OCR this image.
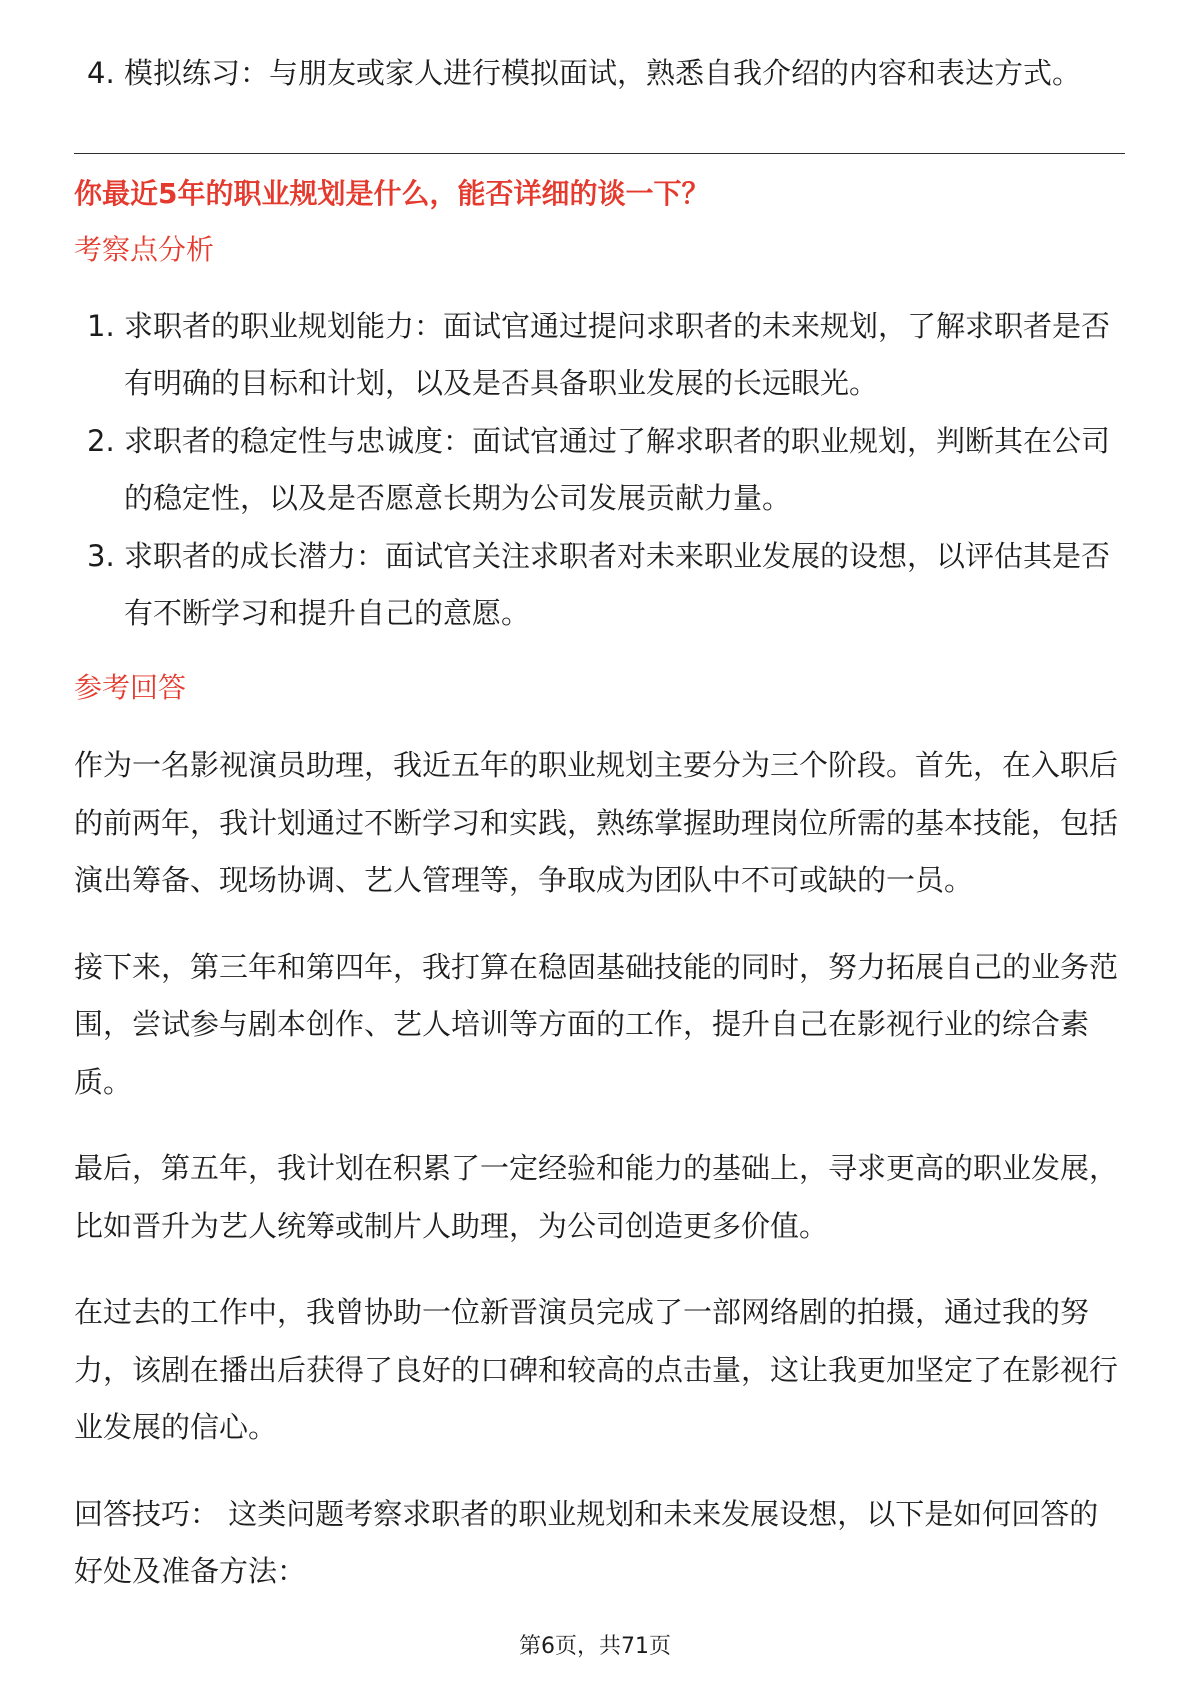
4. 模拟练习：与朋友或家人进行模拟面试，熟悉自我介绍的内容和表达方式。
你最近5年的职业规划是什么，能否详细的谈一下？
考察点分析
1. 求职者的职业规划能力：面试官通过提问求职者的未来规划，了解求职者是否有明确的目标和计划，以及是否具备职业发展的长远眼光。
2. 求职者的稳定性与忠诚度：面试官通过了解求职者的职业规划，判断其在公司的稳定性，以及是否愿意长期为公司发展贡献力量。
3. 求职者的成长潜力：面试官关注求职者对未来职业发展的设想，以评估其是否有不断学习和提升自己的意愿。
参考回答

作为一名影视演员助理，我近五年的职业规划主要分为三个阶段。首先，在入职后的前两年，我计划通过不断学习和实践，熟练掌握助理岗位所需的基本技能，包括演出筹备、现场协调、艺人管理等，争取成为团队中不可或缺的一员。

接下来，第三年和第四年，我打算在稳固基础技能的同时，努力拓展自己的业务范围，尝试参与剧本创作、艺人培训等方面的工作，提升自己在影视行业的综合素质。

最后，第五年，我计划在积累了一定经验和能力的基础上，寻求更高的职业发展，比如晋升为艺人统筹或制片人助理，为公司创造更多价值。

在过去的工作中，我曾协助一位新晋演员完成了一部网络剧的拍摄，通过我的努力，该剧在播出后获得了良好的口碑和较高的点击量，这让我更加坚定了在影视行业发展的信心。

回答技巧： 这类问题考察求职者的职业规划和未来发展设想，以下是如何回答的好处及准备方法：

第6页，共71页
